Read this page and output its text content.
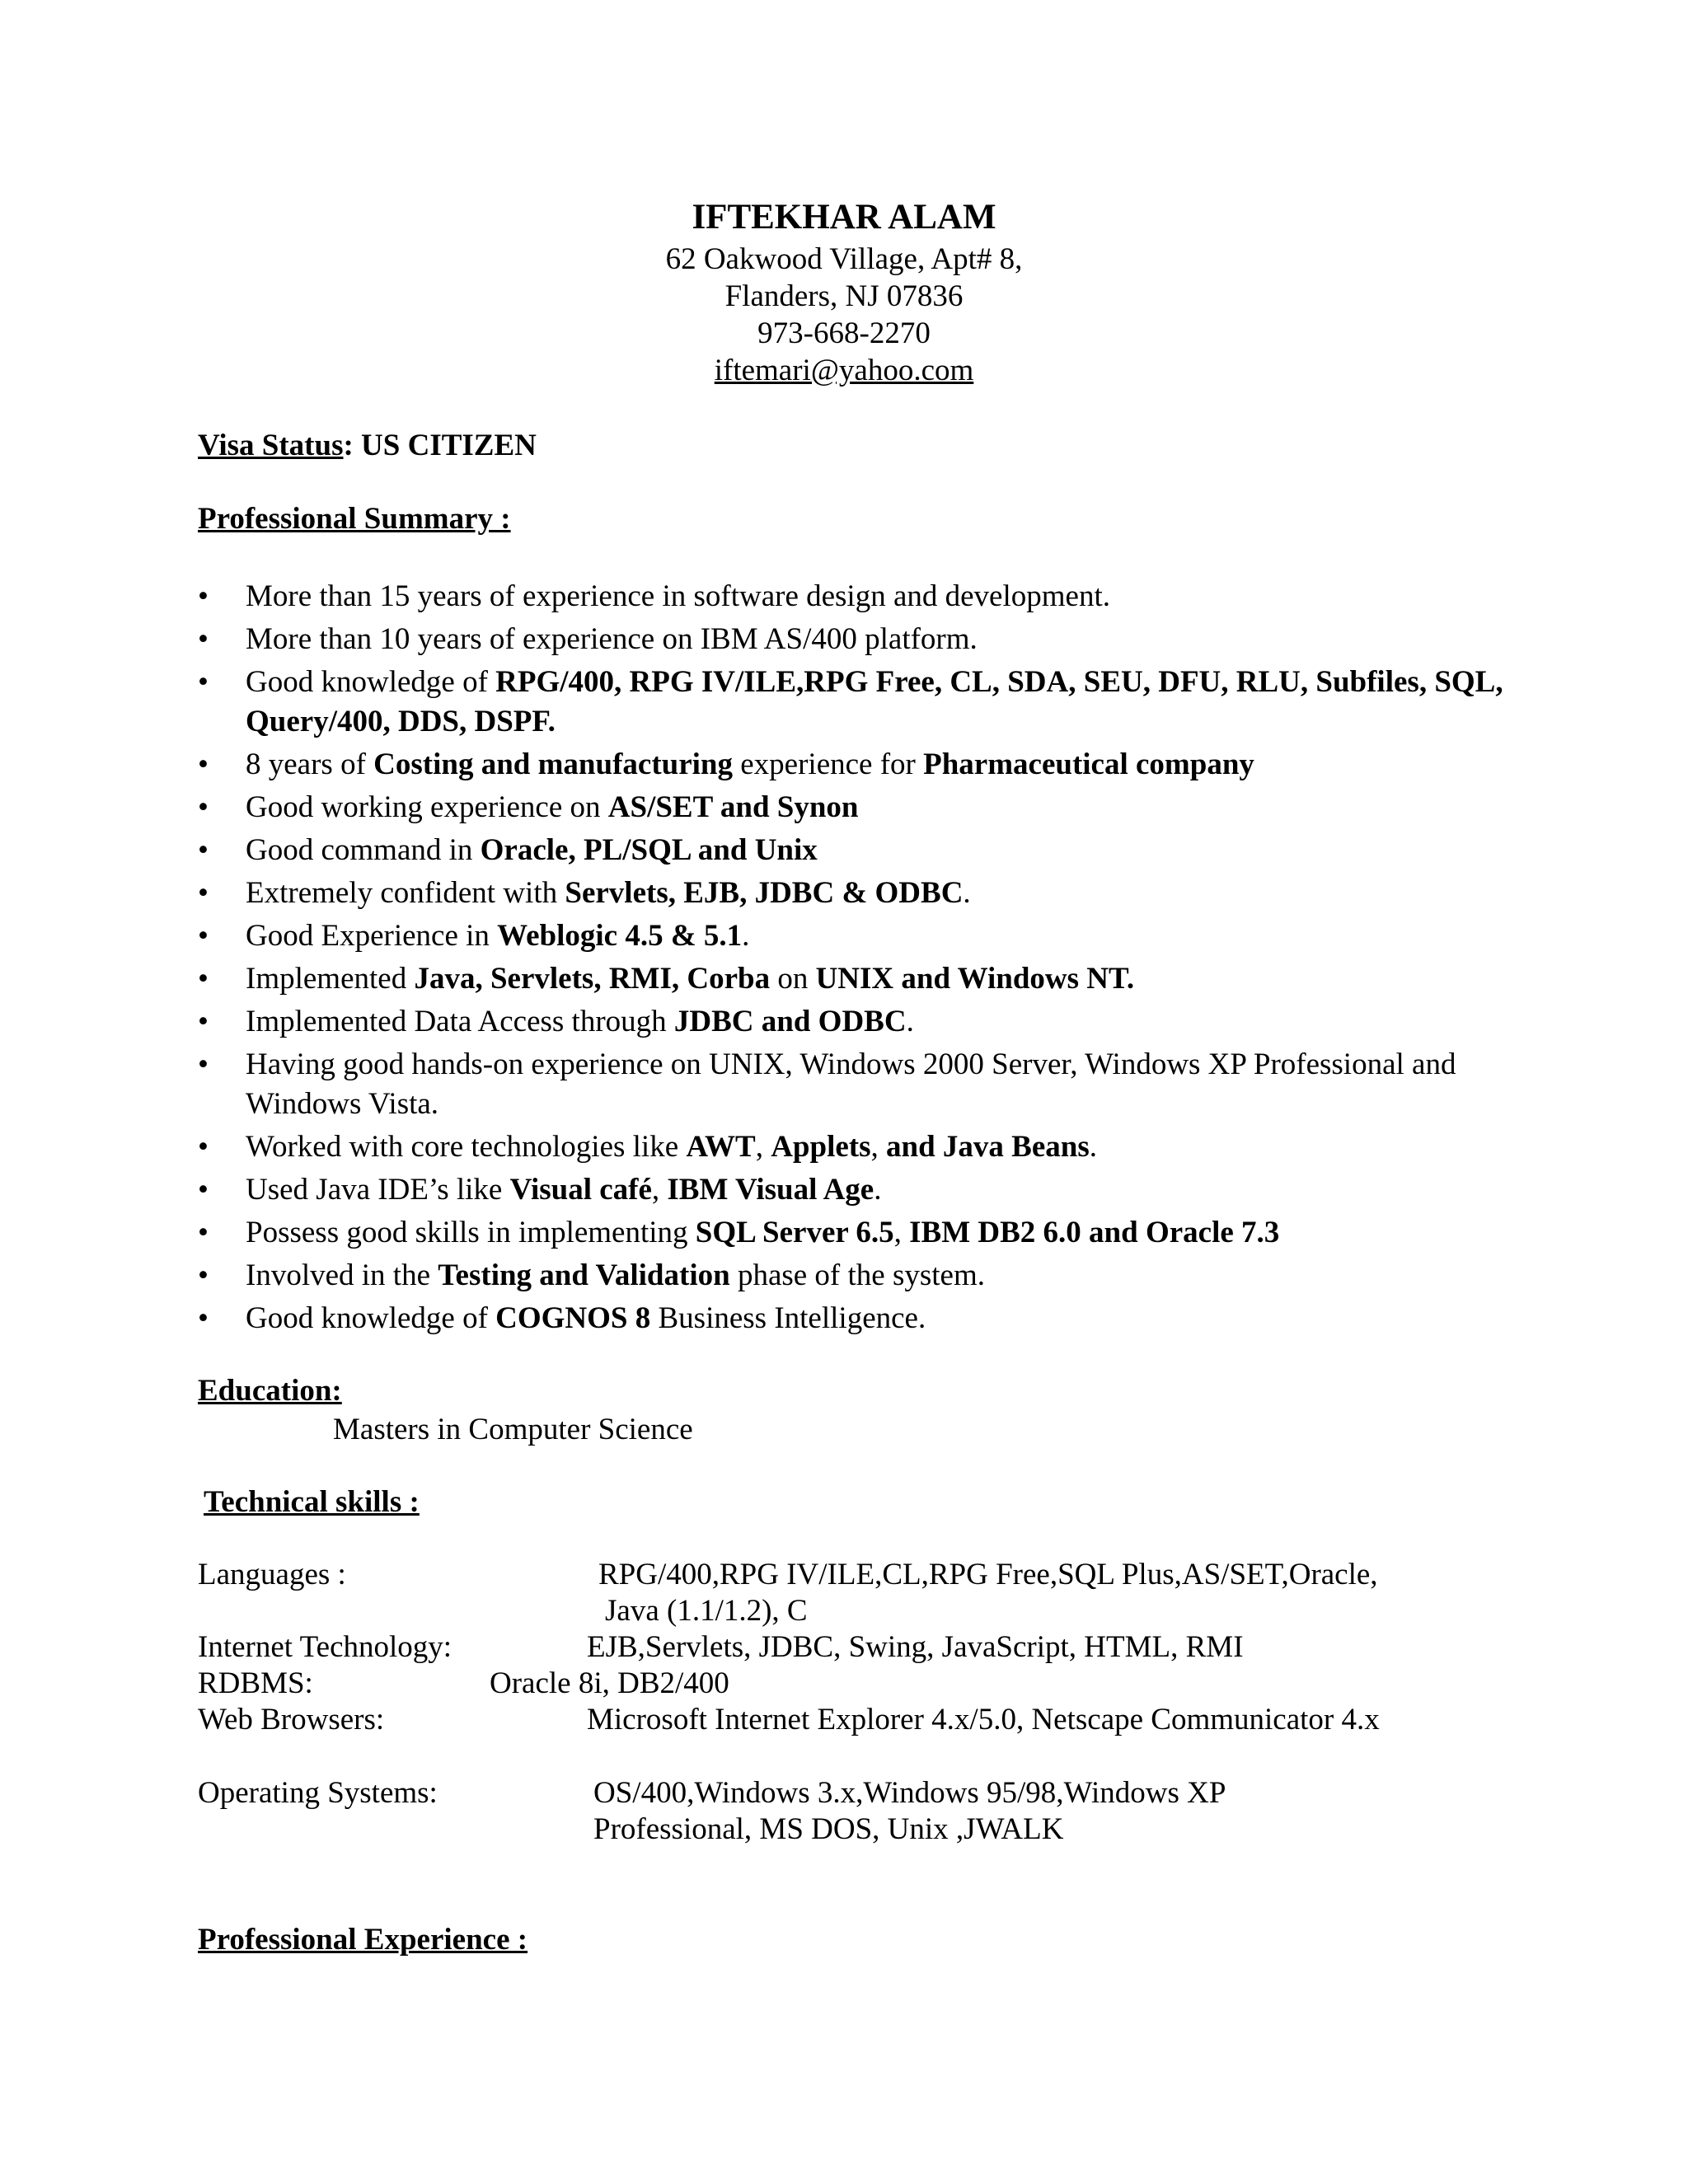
IFTEKHAR ALAM
62 Oakwood Village, Apt# 8,
Flanders, NJ 07836
973-668-2270
iftemari@yahoo.com
Visa Status: US CITIZEN
Professional Summary :
• More than 15 years of experience in software design and development.
• More than 10 years of experience on IBM AS/400 platform.
• Good knowledge of RPG/400, RPG IV/ILE,RPG Free, CL, SDA, SEU, DFU, RLU, Subfiles, SQL, Query/400, DDS, DSPF.
• 8 years of Costing and manufacturing experience for Pharmaceutical company
• Good working experience on AS/SET and Synon
• Good command in Oracle, PL/SQL and Unix
• Extremely confident with Servlets, EJB, JDBC & ODBC.
• Good Experience in Weblogic 4.5 & 5.1.
• Implemented Java, Servlets, RMI, Corba on UNIX and Windows NT.
• Implemented Data Access through JDBC and ODBC.
• Having good hands-on experience on UNIX, Windows 2000 Server, Windows XP Professional and Windows Vista.
• Worked with core technologies like AWT, Applets, and Java Beans.
• Used Java IDE’s like Visual café, IBM Visual Age.
• Possess good skills in implementing SQL Server 6.5, IBM DB2 6.0 and Oracle 7.3
• Involved in the Testing and Validation phase of the system.
• Good knowledge of COGNOS 8 Business Intelligence.
Education:
Masters in Computer Science
Technical skills :
Languages :	RPG/400,RPG IV/ILE,CL,RPG Free,SQL Plus,AS/SET,Oracle,
Java (1.1/1.2), C
Internet Technology:	EJB,Servlets, JDBC, Swing, JavaScript, HTML, RMI
RDBMS:	Oracle 8i, DB2/400
Web Browsers:	Microsoft Internet Explorer 4.x/5.0, Netscape Communicator 4.x
Operating Systems:	OS/400,Windows 3.x,Windows 95/98,Windows XP
Professional, MS DOS, Unix ,JWALK
Professional Experience :
